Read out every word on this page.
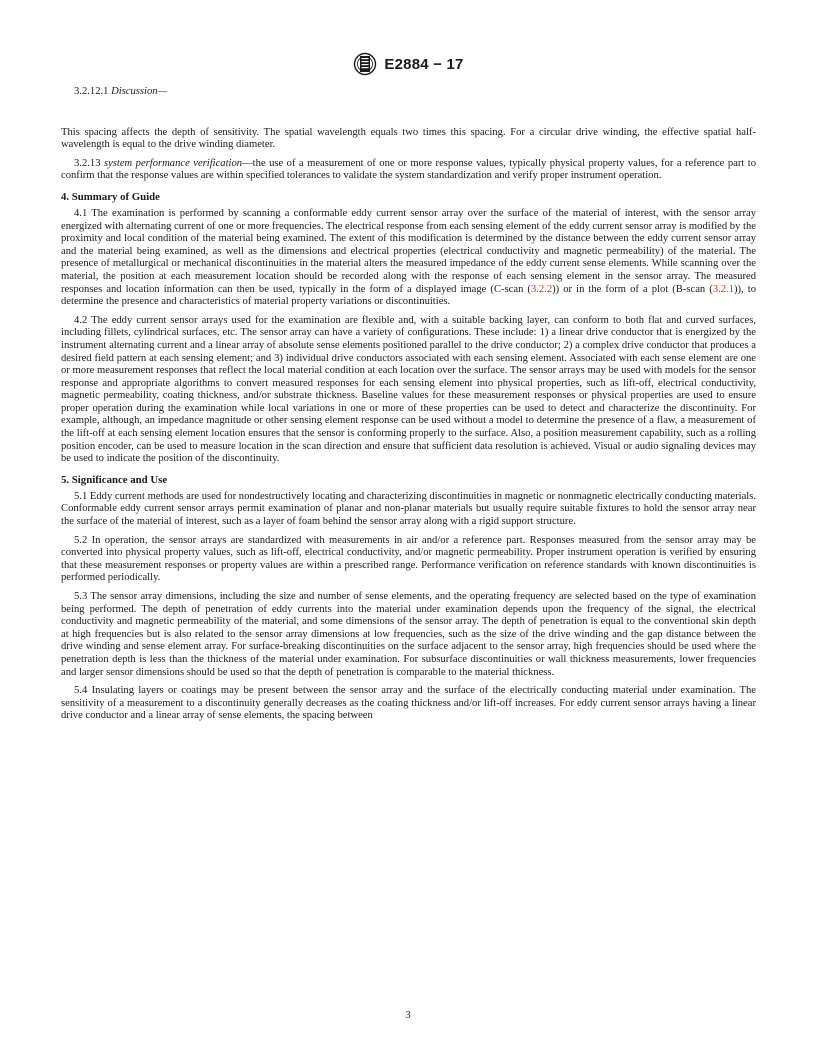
E2884 − 17

3.2.12.1 Discussion—

This spacing affects the depth of sensitivity. The spatial wavelength equals two times this spacing. For a circular drive winding, the effective spatial half-wavelength is equal to the drive winding diameter.

3.2.13 system performance verification—the use of a measurement of one or more response values, typically physical property values, for a reference part to confirm that the response values are within specified tolerances to validate the system standardization and verify proper instrument operation.

4. Summary of Guide

4.1 The examination is performed by scanning a conformable eddy current sensor array over the surface of the material of interest, with the sensor array energized with alternating current of one or more frequencies. The electrical response from each sensing element of the eddy current sensor array is modified by the proximity and local condition of the material being examined. The extent of this modification is determined by the distance between the eddy current sensor array and the material being examined, as well as the dimensions and electrical properties (electrical conductivity and magnetic permeability) of the material. The presence of metallurgical or mechanical discontinuities in the material alters the measured impedance of the eddy current sense elements. While scanning over the material, the position at each measurement location should be recorded along with the response of each sensing element in the sensor array. The measured responses and location information can then be used, typically in the form of a displayed image (C-scan (3.2.2)) or in the form of a plot (B-scan (3.2.1)), to determine the presence and characteristics of material property variations or discontinuities.

4.2 The eddy current sensor arrays used for the examination are flexible and, with a suitable backing layer, can conform to both flat and curved surfaces, including fillets, cylindrical surfaces, etc. The sensor array can have a variety of configurations. These include: 1) a linear drive conductor that is energized by the instrument alternating current and a linear array of absolute sense elements positioned parallel to the drive conductor; 2) a complex drive conductor that produces a desired field pattern at each sensing element; and 3) individual drive conductors associated with each sensing element. Associated with each sense element are one or more measurement responses that reflect the local material condition at each location over the surface. The sensor arrays may be used with models for the sensor response and appropriate algorithms to convert measured responses for each sensing element into physical properties, such as lift-off, electrical conductivity, magnetic permeability, coating thickness, and/or substrate thickness. Baseline values for these measurement responses or physical properties are used to ensure proper operation during the examination while local variations in one or more of these properties can be used to detect and characterize the discontinuity. For example, although, an impedance magnitude or other sensing element response can be used without a model to determine the presence of a flaw, a measurement of the lift-off at each sensing element location ensures that the sensor is conforming properly to the surface. Also, a position measurement capability, such as a rolling position encoder, can be used to measure location in the scan direction and ensure that sufficient data resolution is achieved. Visual or audio signaling devices may be used to indicate the position of the discontinuity.

5. Significance and Use

5.1 Eddy current methods are used for nondestructively locating and characterizing discontinuities in magnetic or nonmagnetic electrically conducting materials. Conformable eddy current sensor arrays permit examination of planar and non-planar materials but usually require suitable fixtures to hold the sensor array near the surface of the material of interest, such as a layer of foam behind the sensor array along with a rigid support structure.

5.2 In operation, the sensor arrays are standardized with measurements in air and/or a reference part. Responses measured from the sensor array may be converted into physical property values, such as lift-off, electrical conductivity, and/or magnetic permeability. Proper instrument operation is verified by ensuring that these measurement responses or property values are within a prescribed range. Performance verification on reference standards with known discontinuities is performed periodically.

5.3 The sensor array dimensions, including the size and number of sense elements, and the operating frequency are selected based on the type of examination being performed. The depth of penetration of eddy currents into the material under examination depends upon the frequency of the signal, the electrical conductivity and magnetic permeability of the material, and some dimensions of the sensor array. The depth of penetration is equal to the conventional skin depth at high frequencies but is also related to the sensor array dimensions at low frequencies, such as the size of the drive winding and the gap distance between the drive winding and sense element array. For surface-breaking discontinuities on the surface adjacent to the sensor array, high frequencies should be used where the penetration depth is less than the thickness of the material under examination. For subsurface discontinuities or wall thickness measurements, lower frequencies and larger sensor dimensions should be used so that the depth of penetration is comparable to the material thickness.

5.4 Insulating layers or coatings may be present between the sensor array and the surface of the electrically conducting material under examination. The sensitivity of a measurement to a discontinuity generally decreases as the coating thickness and/or lift-off increases. For eddy current sensor arrays having a linear drive conductor and a linear array of sense elements, the spacing between

3
